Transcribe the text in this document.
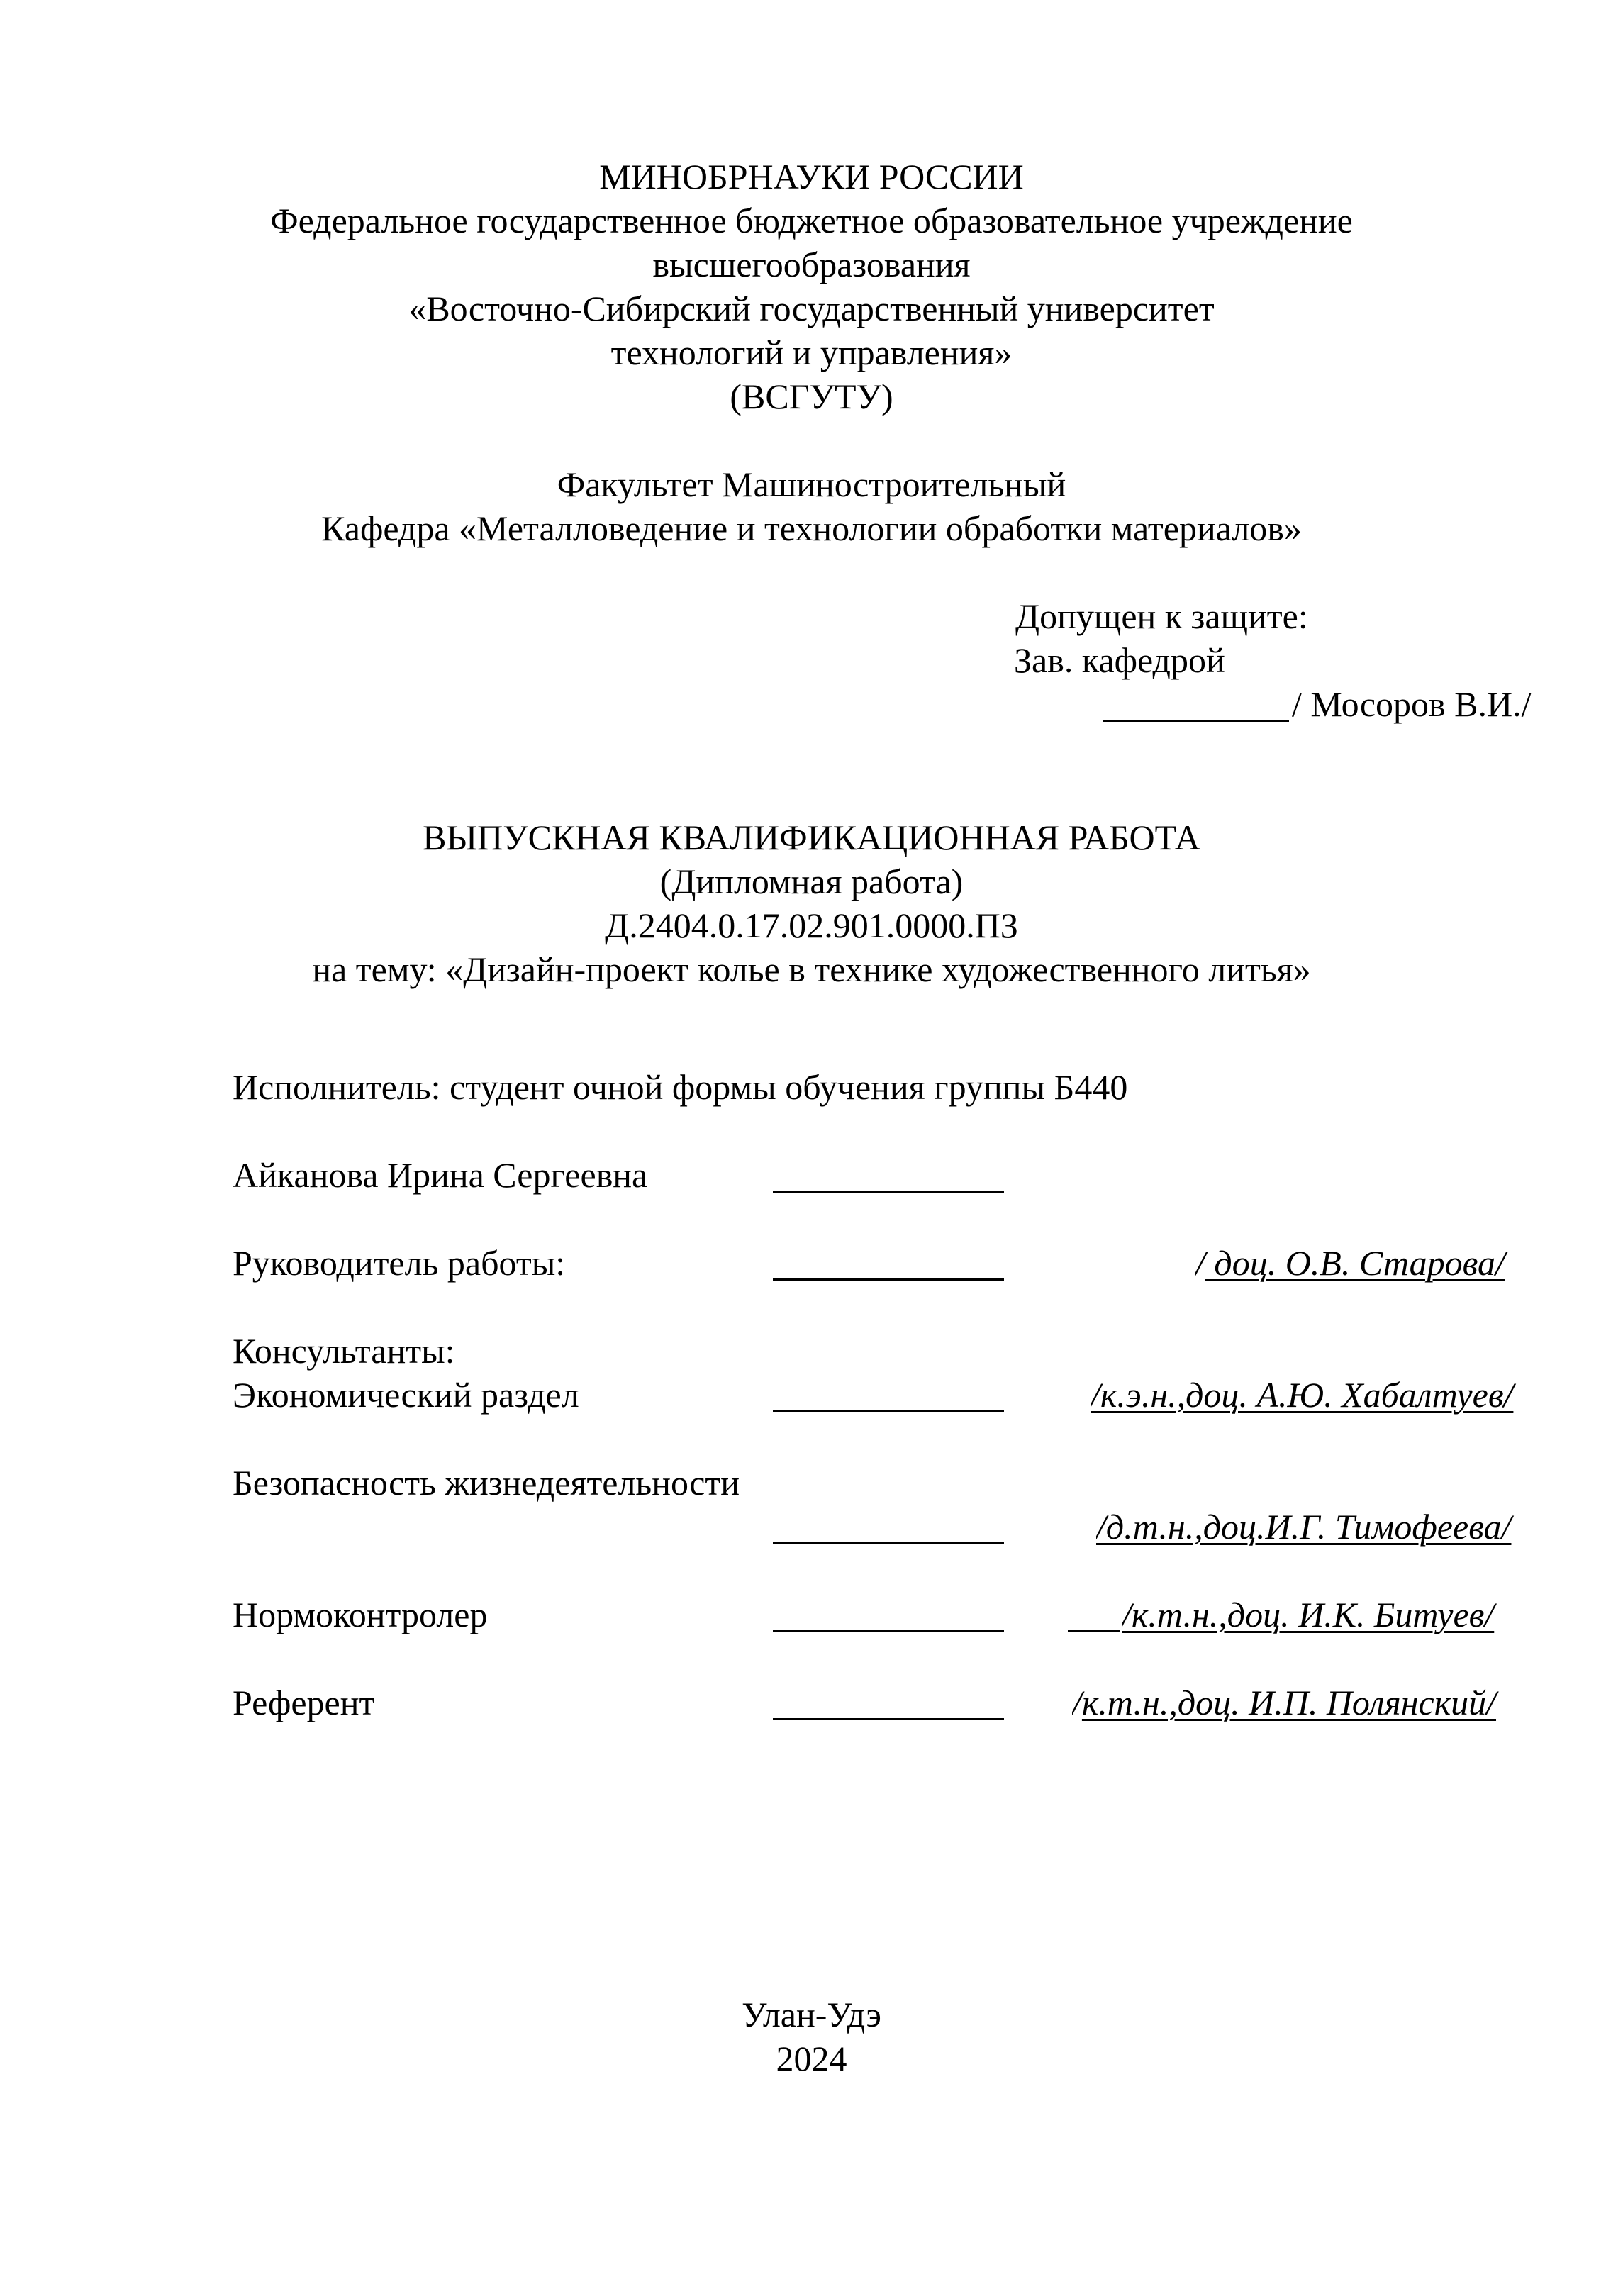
МИНОБРНАУКИ РОССИИ
Федеральное государственное бюджетное образовательное учреждение
высшегообразования
«Восточно-Сибирский государственный университет
технологий и управления»
(ВСГУТУ)
Факультет Машиностроительный
Кафедра «Металловедение и технологии обработки материалов»
Допущен к защите:
Зав. кафедрой
/ Мосоров В.И./
ВЫПУСКНАЯ КВАЛИФИКАЦИОННАЯ РАБОТА
(Дипломная работа)
Д.2404.0.17.02.901.0000.ПЗ
на тему: «Дизайн-проект колье в технике художественного литья»
Исполнитель: студент очной формы обучения группы Б440
Айканова Ирина Сергеевна
Руководитель работы:	/ доц. О.В. Старова/
Консультанты:
Экономический раздел	/к.э.н.,доц. А.Ю. Хабалтуев/
Безопасность жизнедеятельности
/д.т.н.,доц.И.Г. Тимофеева/
Нормоконтролер	/к.т.н.,доц. И.К. Битуев/
Референт	/к.т.н.,доц. И.П. Полянский/
Улан-Удэ
2024
